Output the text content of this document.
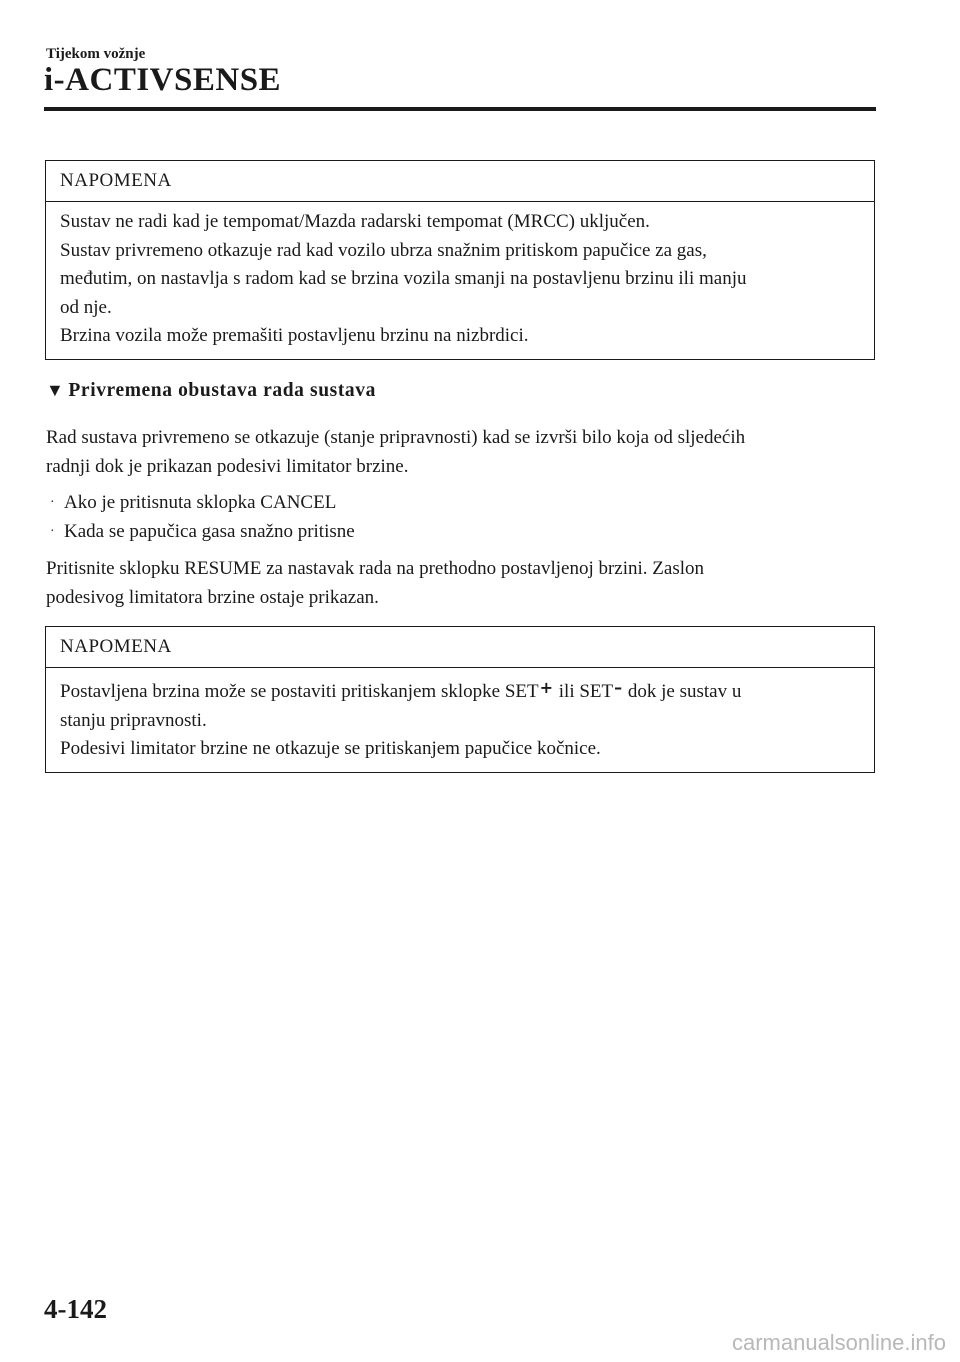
Tijekom vožnje
i-ACTIVSENSE
NAPOMENA

Sustav ne radi kad je tempomat/Mazda radarski tempomat (MRCC) uključen.

Sustav privremeno otkazuje rad kad vozilo ubrza snažnim pritiskom papučice za gas,

međutim, on nastavlja s radom kad se brzina vozila smanji na postavljenu brzinu ili manju

od nje.

Brzina vozila može premašiti postavljenu brzinu na nizbrdici.

▼ Privremena obustava rada sustava
Rad sustava privremeno se otkazuje (stanje pripravnosti) kad se izvrši bilo koja od sljedećih
radnji dok je prikazan podesivi limitator brzine.
· Ako je pritisnuta sklopka CANCEL
· Kada se papučica gasa snažno pritisne
Pritisnite sklopku RESUME za nastavak rada na prethodno postavljenoj brzini. Zaslon
podesivog limitatora brzine ostaje prikazan.
NAPOMENA

Postavljena brzina može se postaviti pritiskanjem sklopke SET+ ili SET– dok je sustav u

stanju pripravnosti.

Podesivi limitator brzine ne otkazuje se pritiskanjem papučice kočnice.

4-142
carmanualsonline.info
